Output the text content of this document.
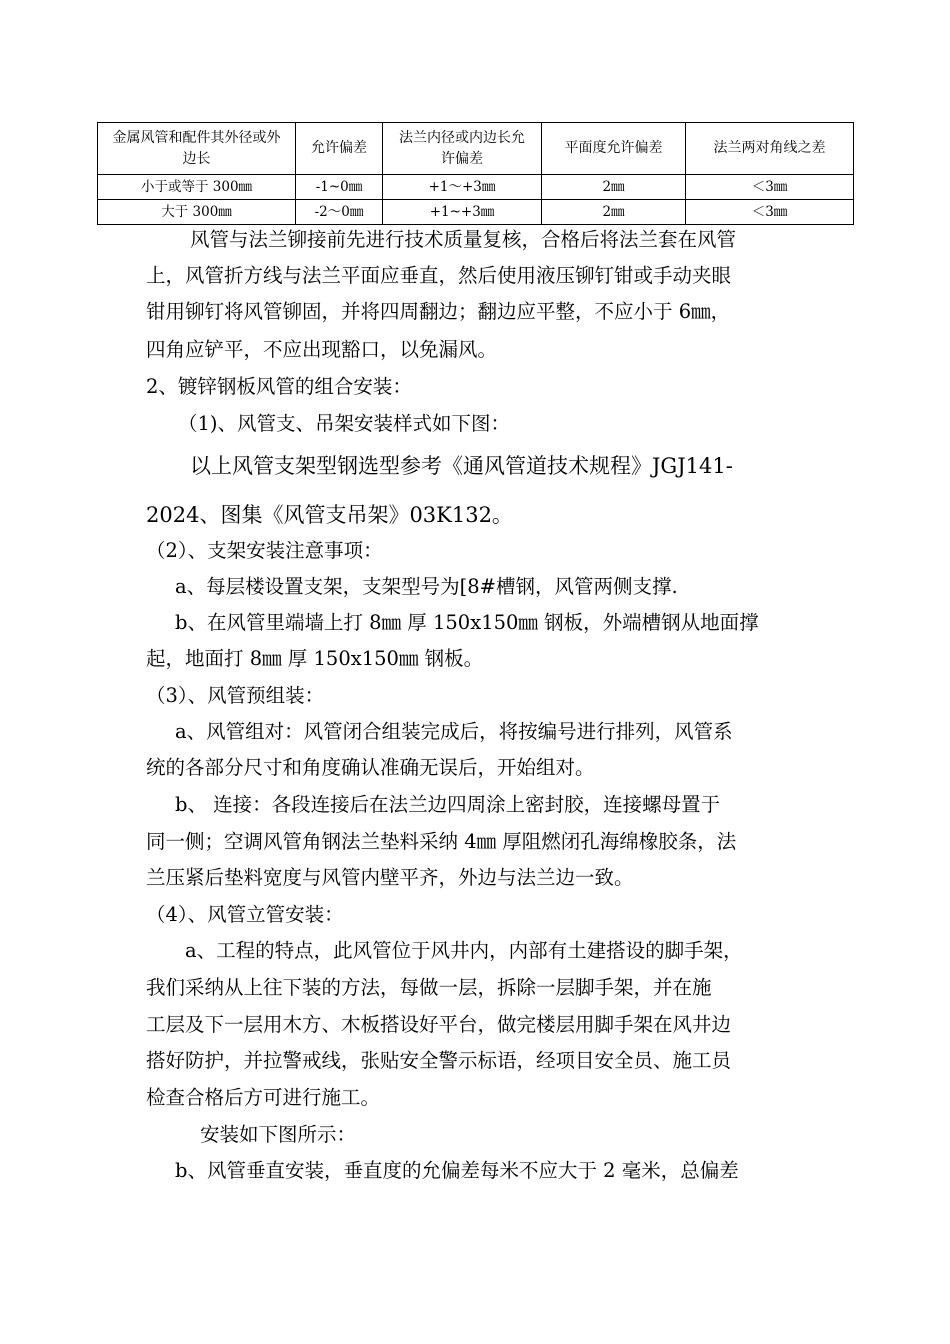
金属风管和配件其外径或外边长	允许偏差	法兰内径或内边长允许偏差	平面度允许偏差	法兰两对角线之差
小于或等于 300㎜	-1~0㎜	+1～+3㎜	2㎜	＜3㎜
大于 300㎜	-2～0㎜	+1~+3㎜	2㎜	＜3㎜
风管与法兰铆接前先进行技术质量复核，合格后将法兰套在风管
上，风管折方线与法兰平面应垂直，然后使用液压铆钉钳或手动夹眼
钳用铆钉将风管铆固，并将四周翻边；翻边应平整，不应小于 6㎜，
四角应铲平，不应出现豁口，以免漏风。
2、镀锌钢板风管的组合安装：
（1)、风管支、吊架安装样式如下图：
以上风管支架型钢选型参考《通风管道技术规程》JGJ141-
2024、图集《风管支吊架》03K132。
（2）、支架安装注意事项：
a、每层楼设置支架，支架型号为[8#槽钢，风管两侧支撑.
b、在风管里端墙上打 8㎜ 厚 150x150㎜ 钢板，外端槽钢从地面撑
起，地面打 8㎜ 厚 150x150㎜ 钢板。
（3）、风管预组装：
a、风管组对：风管闭合组装完成后，将按编号进行排列，风管系
统的各部分尺寸和角度确认准确无误后，开始组对。
b、 连接：各段连接后在法兰边四周涂上密封胶，连接螺母置于
同一侧；空调风管角钢法兰垫料采纳 4㎜ 厚阻燃闭孔海绵橡胶条，法
兰压紧后垫料宽度与风管内壁平齐，外边与法兰边一致。
（4）、风管立管安装：
a、工程的特点，此风管位于风井内，内部有土建搭设的脚手架，
我们采纳从上往下装的方法，每做一层，拆除一层脚手架，并在施
工层及下一层用木方、木板搭设好平台，做完楼层用脚手架在风井边
搭好防护，并拉警戒线，张贴安全警示标语，经项目安全员、施工员
检查合格后方可进行施工。
安装如下图所示：
b、风管垂直安装，垂直度的允偏差每米不应大于 2 毫米，总偏差
